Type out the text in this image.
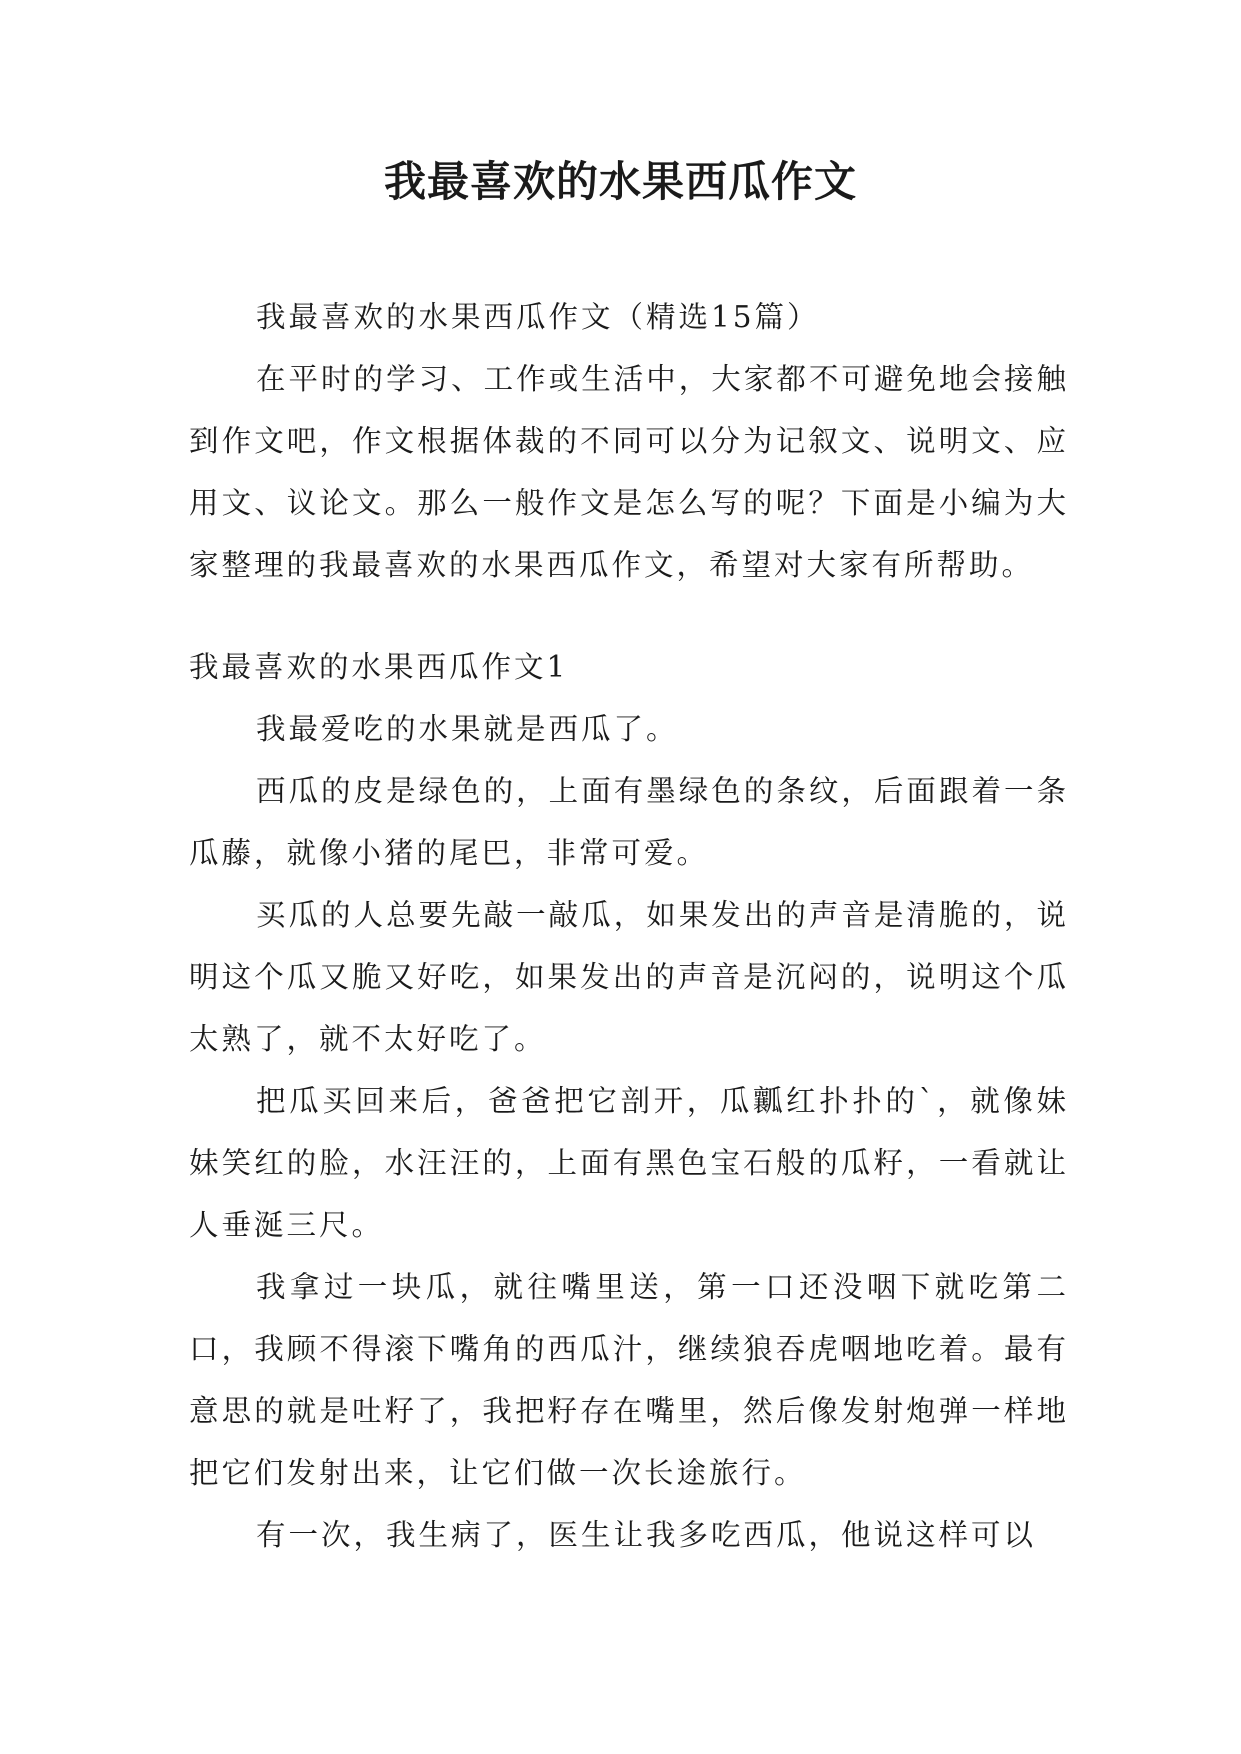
我最喜欢的水果西瓜作文

我最喜欢的水果西瓜作文（精选15篇）

在平时的学习、工作或生活中，大家都不可避免地会接触到作文吧，作文根据体裁的不同可以分为记叙文、说明文、应用文、议论文。那么一般作文是怎么写的呢？下面是小编为大家整理的我最喜欢的水果西瓜作文，希望对大家有所帮助。

我最喜欢的水果西瓜作文1

我最爱吃的水果就是西瓜了。

西瓜的皮是绿色的，上面有墨绿色的条纹，后面跟着一条瓜藤，就像小猪的尾巴，非常可爱。

买瓜的人总要先敲一敲瓜，如果发出的声音是清脆的，说明这个瓜又脆又好吃，如果发出的声音是沉闷的，说明这个瓜太熟了，就不太好吃了。

把瓜买回来后，爸爸把它剖开，瓜瓤红扑扑的`，就像妹妹笑红的脸，水汪汪的，上面有黑色宝石般的瓜籽，一看就让人垂涎三尺。

我拿过一块瓜，就往嘴里送，第一口还没咽下就吃第二口，我顾不得滚下嘴角的西瓜汁，继续狼吞虎咽地吃着。最有意思的就是吐籽了，我把籽存在嘴里，然后像发射炮弹一样地把它们发射出来，让它们做一次长途旅行。

有一次，我生病了，医生让我多吃西瓜，他说这样可以
